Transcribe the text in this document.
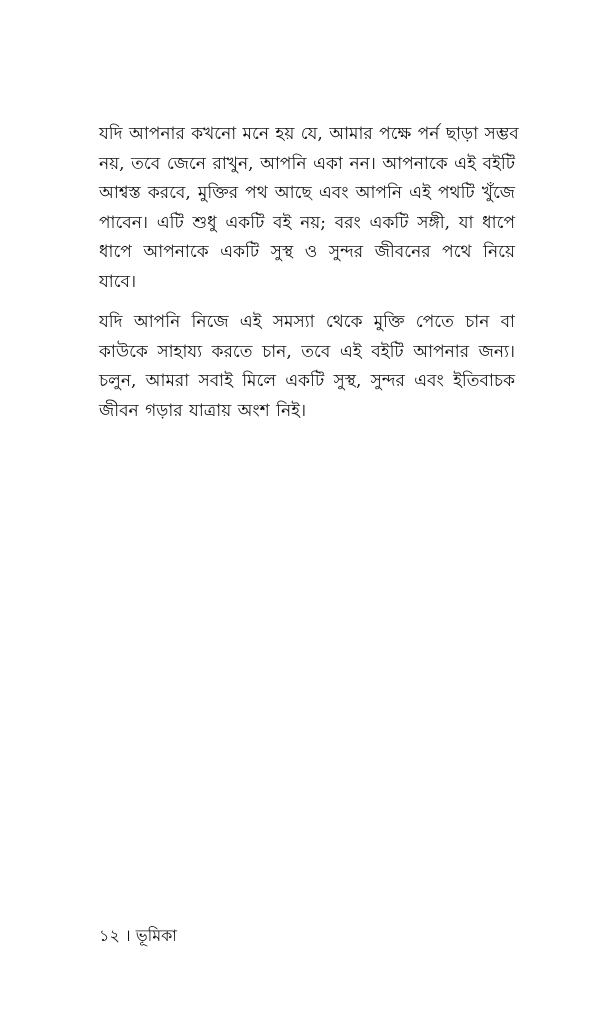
যদি আপনার কখনো মনে হয় যে, আমার পক্ষে পর্ন ছাড়া সম্ভব
নয়, তবে জেনে রাখুন, আপনি একা নন। আপনাকে এই বইটি
আশ্বস্ত করবে, মুক্তির পথ আছে এবং আপনি এই পথটি খুঁজে
পাবেন। এটি শুধু একটি বই নয়; বরং একটি সঙ্গী, যা ধাপে
ধাপে আপনাকে একটি সুস্থ ও সুন্দর জীবনের পথে নিয়ে
যাবে।

যদি আপনি নিজে এই সমস্যা থেকে মুক্তি পেতে চান বা
কাউকে সাহায্য করতে চান, তবে এই বইটি আপনার জন্য।
চলুন, আমরা সবাই মিলে একটি সুস্থ, সুন্দর এবং ইতিবাচক
জীবন গড়ার যাত্রায় অংশ নিই।

১২ । ভূমিকা
